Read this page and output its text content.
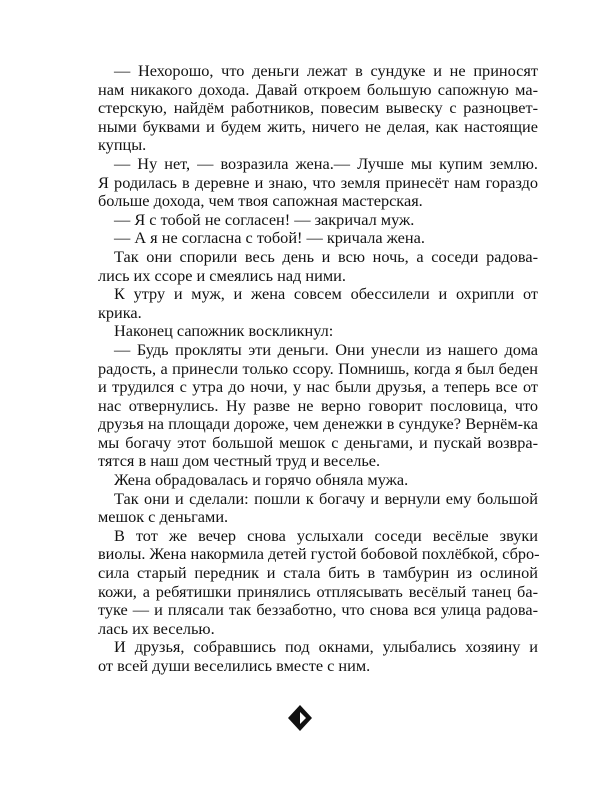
— Нехорошо, что деньги лежат в сундуке и не приносят
нам никакого дохода. Давай откроем большую сапожную ма-
стерскую, найдём работников, повесим вывеску с разноцвет-
ными буквами и будем жить, ничего не делая, как настоящие
купцы.
— Ну нет, — возразила жена.— Лучше мы купим землю.
Я родилась в деревне и знаю, что земля принесёт нам гораздо
больше дохода, чем твоя сапожная мастерская.
— Я с тобой не согласен! — закричал муж.
— А я не согласна с тобой! — кричала жена.
Так они спорили весь день и всю ночь, а соседи радова-
лись их ссоре и смеялись над ними.
К утру и муж, и жена совсем обессилели и охрипли от
крика.
Наконец сапожник воскликнул:
— Будь прокляты эти деньги. Они унесли из нашего дома
радость, а принесли только ссору. Помнишь, когда я был беден
и трудился с утра до ночи, у нас были друзья, а теперь все от
нас отвернулись. Ну разве не верно говорит пословица, что
друзья на площади дороже, чем денежки в сундуке? Вернём-ка
мы богачу этот большой мешок с деньгами, и пускай возвра-
тятся в наш дом честный труд и веселье.
Жена обрадовалась и горячо обняла мужа.
Так они и сделали: пошли к богачу и вернули ему большой
мешок с деньгами.
В тот же вечер снова услыхали соседи весёлые звуки
виолы. Жена накормила детей густой бобовой похлёбкой, сбро-
сила старый передник и стала бить в тамбурин из ослиной
кожи, а ребятишки принялись отплясывать весёлый танец ба-
туке — и плясали так беззаботно, что снова вся улица радова-
лась их веселью.
И друзья, собравшись под окнами, улыбались хозяину и
от всей души веселились вместе с ним.
